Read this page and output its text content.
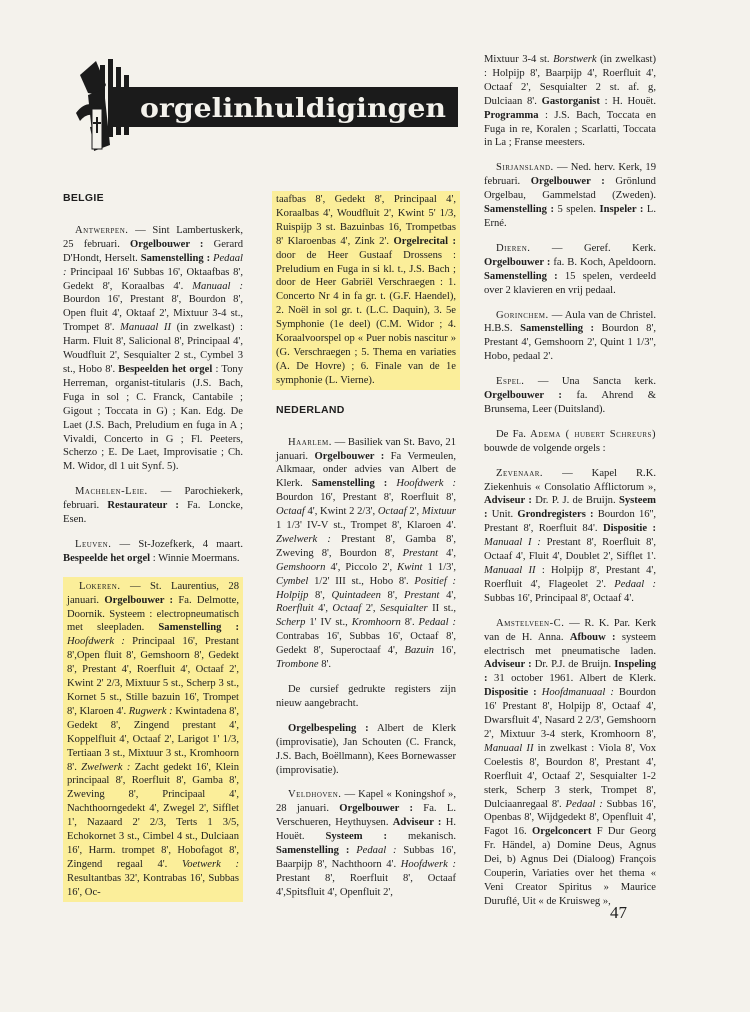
orgelinhuldigingen
BELGIE

Antwerpen. — Sint Lambertuskerk, 25 februari. Orgelbouwer : Gerard D'Hondt, Herselt. Samenstelling : Pedaal : Principaal 16' Subbas 16', Oktaafbas 8', Gedekt 8', Koraalbas 4'. Manuaal : Bourdon 16', Prestant 8', Bourdon 8', Open fluit 4', Oktaaf 2', Mixtuur 3-4 st., Trompet 8'. Manuaal II (in zwelkast) : Harm. Fluit 8', Salicional 8', Principaal 4', Woudfluit 2', Sesquialter 2 st., Cymbel 3 st., Hobo 8'. Bespeelden het orgel : Tony Herreman, organist-titularis (J.S. Bach, Fuga in sol ; C. Franck, Cantabile ; Gigout ; Toccata in G) ; Kan. Edg. De Laet (J.S. Bach, Preludium en fuga in A ; Vivaldi, Concerto in G ; Fl. Peeters, Scherzo ; E. De Laet, Improvisatie ; Ch. M. Widor, dl 1 uit Synf. 5).

Machelen-Leie. — Parochiekerk, februari. Restaurateur : Fa. Loncke, Esen.

Leuven. — St-Jozefkerk, 4 maart. Bespeelde het orgel : Winnie Moermans.

Lokeren. — St. Laurentius, 28 januari. Orgelbouwer : Fa. Delmotte, Doornik. Systeem : electropneumatisch met sleepladen. Samenstelling : Hoofdwerk : Principaal 16', Prestant 8',Open fluit 8', Gemshoorn 8', Gedekt 8', Prestant 4', Roerfluit 4', Octaaf 2', Kwint 2' 2/3, Mixtuur 5 st., Scherp 3 st., Kornet 5 st., Stille bazuin 16', Trompet 8', Klaroen 4'. Rugwerk : Kwintadena 8', Gedekt 8', Zingend prestant 4', Koppelfluit 4', Octaaf 2', Larigot 1' 1/3, Tertiaan 3 st., Mixtuur 3 st., Kromhoorn 8'. Zwelwerk : Zacht gedekt 16', Klein principaal 8', Roerfluit 8', Gamba 8', Zweving 8', Principaal 4', Nachthoorngedekt 4', Zwegel 2', Sifflet 1', Nazaard 2' 2/3, Terts 1 3/5, Echokornet 3 st., Cimbel 4 st., Dulciaan 16', Harm. trompet 8', Hobofagot 8', Zingend regaal 4'. Voetwerk : Resultantbas 32', Kontrabas 16', Subbas 16', Oc-

taafbas 8', Gedekt 8', Principaal 4', Koraalbas 4', Woudfluit 2', Kwint 5' 1/3, Ruispijp 3 st. Bazuinbas 16, Trompetbas 8' Klaroenbas 4', Zink 2'. Orgelrecital : door de Heer Gustaaf Drossens : Preludium en Fuga in si kl. t., J.S. Bach ; door de Heer Gabriël Verschraegen : 1. Concerto Nr 4 in fa gr. t. (G.F. Haendel), 2. Noël in sol gr. t. (L.C. Daquin), 3. 5e Symphonie (1e deel) (C.M. Widor ; 4. Koraalvoorspel op « Puer nobis nascitur » (G. Verschraegen ; 5. Thema en variaties (A. De Hovre) ; 6. Finale van de 1e symphonie (L. Vierne).

NEDERLAND

Haarlem. — Basiliek van St. Bavo, 21 januari. Orgelbouwer : Fa Vermeulen, Alkmaar, onder advies van Albert de Klerk. Samenstelling : Hoofdwerk : Bourdon 16', Prestant 8', Roerfluit 8', Octaaf 4', Kwint 2 2/3', Octaaf 2', Mixtuur 1 1/3' IV-V st., Trompet 8', Klaroen 4'. Zwelwerk : Prestant 8', Gamba 8', Zweving 8', Bourdon 8', Prestant 4', Gemshoorn 4', Piccolo 2', Kwint 1 1/3', Cymbel 1/2' III st., Hobo 8'. Positief : Holpijp 8', Quintadeen 8', Prestant 4', Roerfluit 4', Octaaf 2', Sesquialter II st., Scherp 1' IV st., Kromhoorn 8'. Pedaal : Contrabas 16', Subbas 16', Octaaf 8', Gedekt 8', Superoctaaf 4', Bazuin 16', Trombone 8'.

De cursief gedrukte registers zijn nieuw aangebracht.

Orgelbespeling : Albert de Klerk (improvisatie), Jan Schouten (C. Franck, J.S. Bach, Boëllmann), Kees Bornewasser (improvisatie).

Veldhoven. — Kapel « Koningshof », 28 januari. Orgelbouwer : Fa. L. Verschueren, Heythuysen. Adviseur : H. Houët. Systeem : mekanisch. Samenstelling : Pedaal : Subbas 16', Baarpijp 8', Nachthoorn 4'. Hoofdwerk : Prestant 8', Roerfluit 8', Octaaf 4',Spitsfluit 4', Openfluit 2',

Mixtuur 3-4 st. Borstwerk (in zwelkast) : Holpijp 8', Baarpijp 4', Roerfluit 4', Octaaf 2', Sesquialter 2 st. af. g, Dulciaan 8'. Gastorganist : H. Houët. Programma : J.S. Bach, Toccata en Fuga in re, Koralen ; Scarlatti, Toccata in La ; Franse meesters.

Sirjansland. — Ned. herv. Kerk, 19 februari. Orgelbouwer : Grönlund Orgelbau, Gammelstad (Zweden). Samenstelling : 5 spelen. Inspeler : L. Erné.

Dieren. — Geref. Kerk. Orgelbouwer : fa. B. Koch, Apeldoorn. Samenstelling : 15 spelen, verdeeld over 2 klavieren en vrij pedaal.

Gorinchem. — Aula van de Christel. H.B.S. Samenstelling : Bourdon 8', Prestant 4', Gemshoorn 2', Quint 1 1/3'', Hobo, pedaal 2'.

Espel. — Una Sancta kerk. Orgelbouwer : fa. Ahrend & Brunsema, Leer (Duitsland).

De Fa. Adema ( hubert Schreurs) bouwde de volgende orgels :

Zevenaar. — Kapel R.K. Ziekenhuis « Consolatio Afflictorum », Adviseur : Dr. P. J. de Bruijn. Systeem : Unit. Grondregisters : Bourdon 16'', Prestant 8', Roerfluit 84'. Dispositie : Manuaal I : Prestant 8', Roerfluit 8', Octaaf 4', Fluit 4', Doublet 2', Sifflet 1'. Manuaal II : Holpijp 8', Prestant 4', Roerfluit 4', Flageolet 2'. Pedaal : Subbas 16', Principaal 8', Octaaf 4'.

Amstelveen-C. — R. K. Par. Kerk van de H. Anna. Afbouw : systeem electrisch met pneumatische laden. Adviseur : Dr. P.J. de Bruijn. Inspeling : 31 october 1961. Albert de Klerk. Dispositie : Hoofdmanuaal : Bourdon 16' Prestant 8', Holpijp 8', Octaaf 4', Dwarsfluit 4', Nasard 2 2/3', Gemshoorn 2', Mixtuur 3-4 sterk, Kromhoorn 8', Manuaal II in zwelkast : Viola 8', Vox Coelestis 8', Bourdon 8', Prestant 4', Roerfluit 4', Octaaf 2', Sesquialter 1-2 sterk, Scherp 3 sterk, Trompet 8', Dulciaanregaal 8'. Pedaal : Subbas 16', Openbas 8', Wijdgedekt 8', Openfluit 4', Fagot 16. Orgelconcert F Dur Georg Fr. Händel, a) Domine Deus, Agnus Dei, b) Agnus Dei (Dialoog) François Couperin, Variaties over het thema « Veni Creator Spiritus » Maurice Duruflé, Uit « de Kruisweg »,

47
